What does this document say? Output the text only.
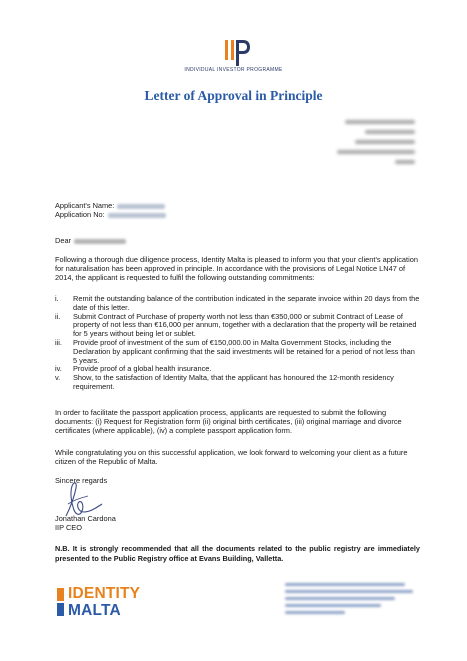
INDIVIDUAL INVESTOR PROGRAMME
Letter of Approval in Principle
Applicant's Name:
Application No:
Dear
Following a thorough due diligence process, Identity Malta is pleased to inform you that your client's application for naturalisation has been approved in principle. In accordance with the provisions of Legal Notice LN47 of 2014, the applicant is requested to fulfil the following outstanding commitments:
i.	Remit the outstanding balance of the contribution indicated in the separate invoice within 20 days from the date of this letter.
ii.	Submit Contract of Purchase of property worth not less than €350,000 or submit Contract of Lease of property of not less than €16,000 per annum, together with a declaration that the property will be retained for 5 years without being let or sublet.
iii.	Provide proof of investment of the sum of €150,000.00 in Malta Government Stocks, including the Declaration by applicant confirming that the said investments will be retained for a period of not less than 5 years.
iv.	Provide proof of a global health insurance.
v.	Show, to the satisfaction of Identity Malta, that the applicant has honoured the 12-month residency requirement.
In order to facilitate the passport application process, applicants are requested to submit the following documents: (i) Request for Registration form (ii) original birth certificates, (iii) original marriage and divorce certificates (where applicable), (iv) a complete passport application form.
While congratulating you on this successful application, we look forward to welcoming your client as a future citizen of the Republic of Malta.
Sincere regards
Jonathan Cardona
IIP CEO
N.B. It is strongly recommended that all the documents related to the public registry are immediately presented to the Public Registry office at Evans Building, Valletta.
IDENTITY
MALTA
